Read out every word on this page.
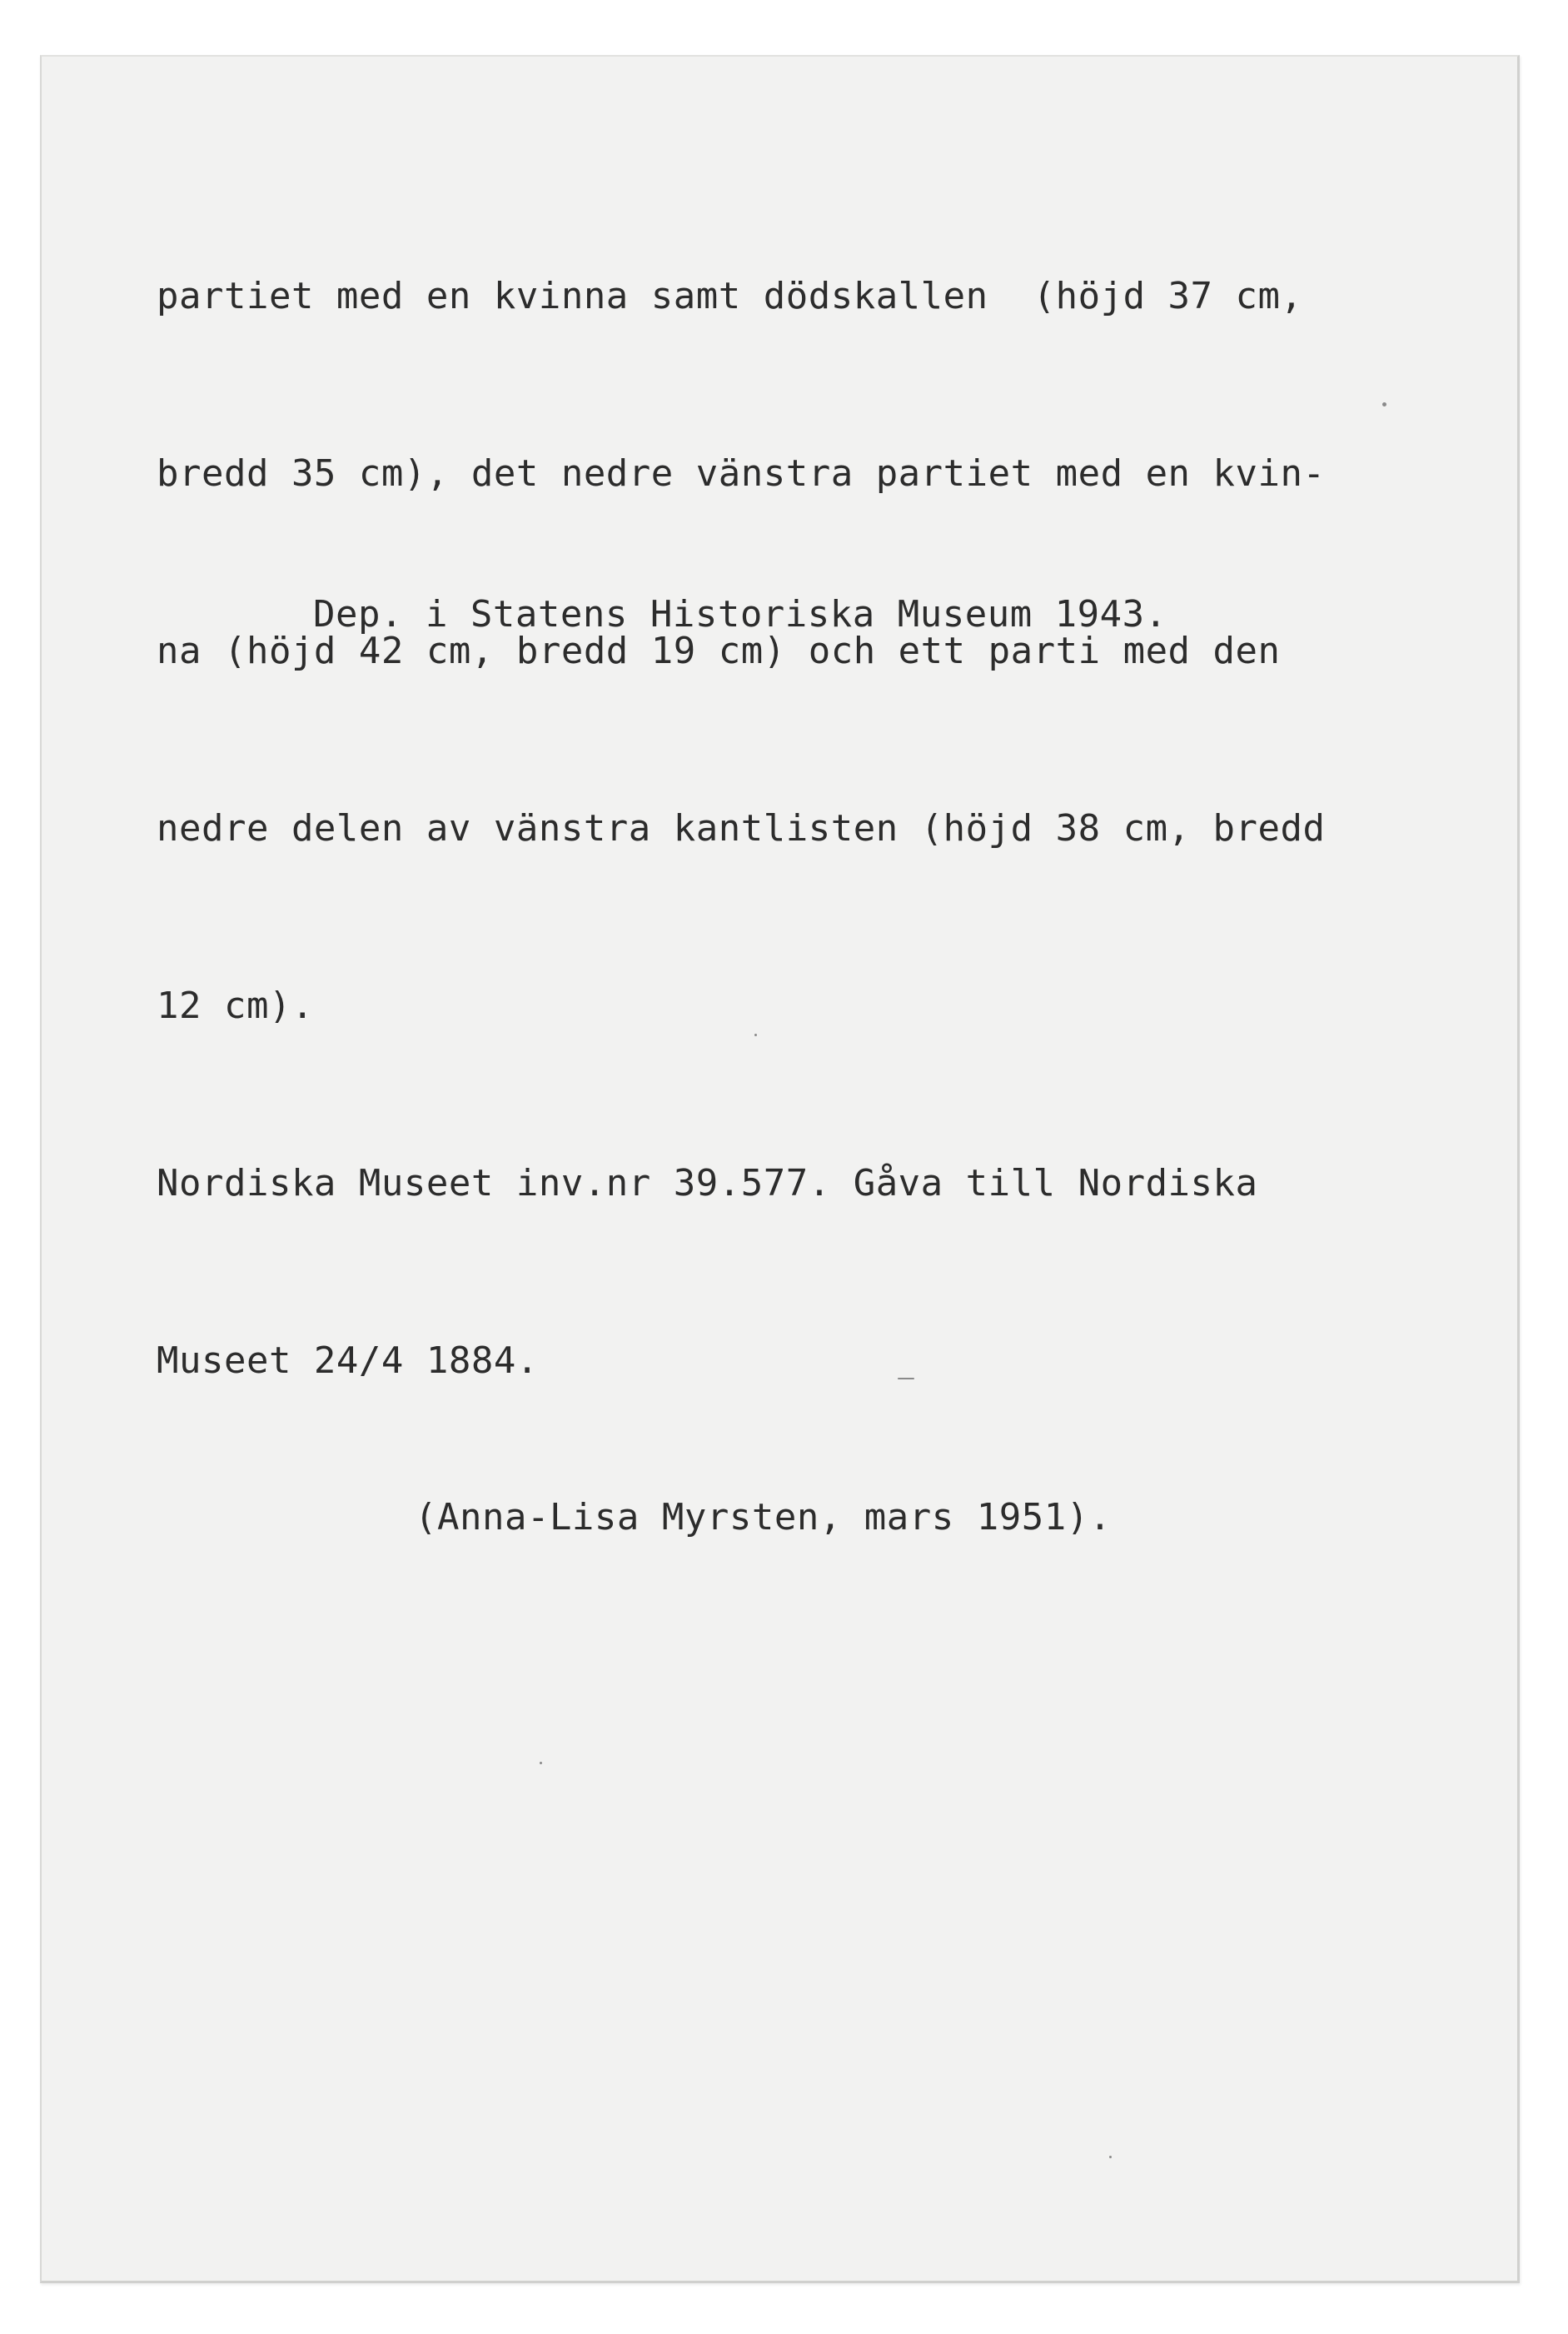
partiet med en kvinna samt dödskallen  (höjd 37 cm,

bredd 35 cm), det nedre vänstra partiet med en kvin-

na (höjd 42 cm, bredd 19 cm) och ett parti med den

nedre delen av vänstra kantlisten (höjd 38 cm, bredd

12 cm).

Nordiska Museet inv.nr 39.577. Gåva till Nordiska

Museet 24/4 1884.

Dep. i Statens Historiska Museum 1943.
(Anna-Lisa Myrsten, mars 1951).
